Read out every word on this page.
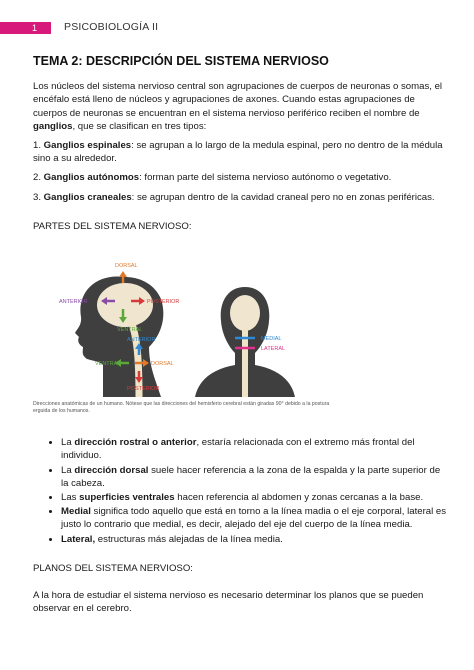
1	PSICOBIOLOGÍA II
TEMA 2: DESCRIPCIÓN DEL SISTEMA NERVIOSO

Los núcleos del sistema nervioso central son agrupaciones de cuerpos de neuronas o somas, el encéfalo está lleno de núcleos y agrupaciones de axones. Cuando estas agrupaciones de cuerpos de neuronas se encuentran en el sistema nervioso periférico reciben el nombre de ganglios, que se clasifican en tres tipos:

1. Ganglios espinales: se agrupan a lo largo de la medula espinal, pero no dentro de la médula sino a su alrededor.

2. Ganglios autónomos: forman parte del sistema nervioso autónomo o vegetativo.

3. Ganglios craneales: se agrupan dentro de la cavidad craneal pero no en zonas periféricas.

PARTES DEL SISTEMA NERVIOSO:
DORSAL
ANTERIOR	POSTERIOR
VENTRAL
DORSAL
VENTRAL
ANTERIOR
POSTERIOR
MEDIAL
LATERAL
Direcciones anatómicas de un humano. Nótese que las direcciones del hemisferio cerebral están giradas 90° debido a la postura erguida de los humanos.
• La dirección rostral o anterior, estaría relacionada con el extremo más frontal del individuo.
• La dirección dorsal suele hacer referencia a la zona de la espalda y la parte superior de la cabeza.
• Las superficies ventrales hacen referencia al abdomen y zonas cercanas a la base.
• Medial significa todo aquello que está en torno a la línea madia o el eje corporal, lateral es justo lo contrario que medial, es decir, alejado del eje del cuerpo de la línea media.
• Lateral, estructuras más alejadas de la línea media.
PLANOS DEL SISTEMA NERVIOSO:

A la hora de estudiar el sistema nervioso es necesario determinar los planos que se pueden observar en el cerebro.
